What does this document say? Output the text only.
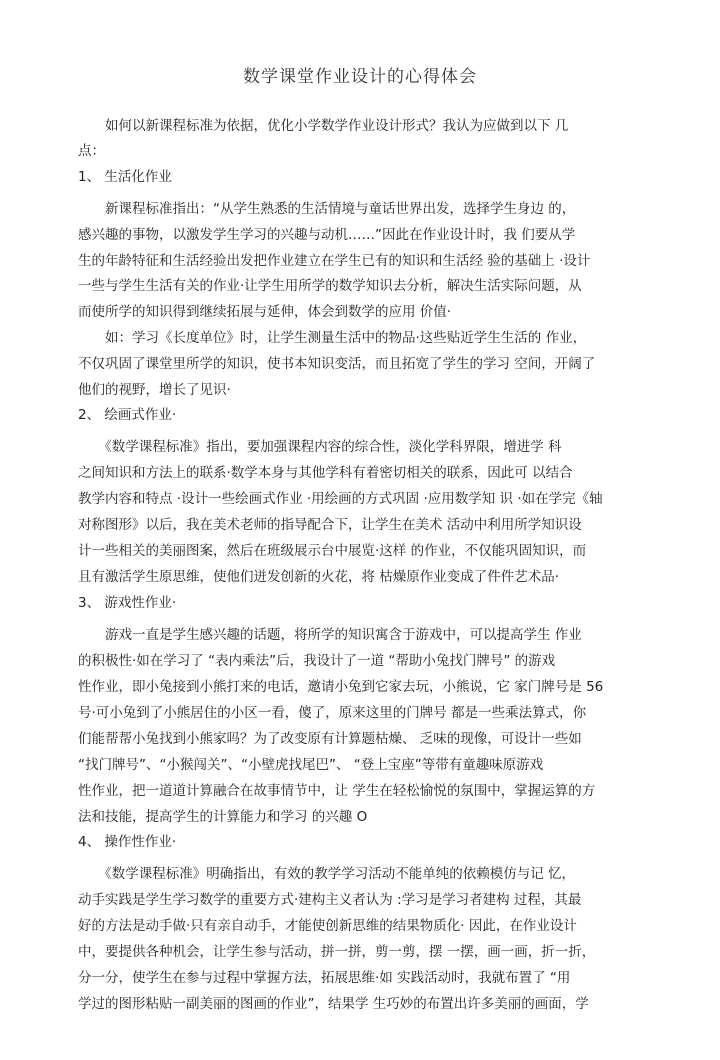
数学课堂作业设计的心得体会
　　如何以新课程标准为依据，优化小学数学作业设计形式？我认为应做到以下 几
点：
1、 生活化作业
　　新课程标准指出：“从学生熟悉的生活情境与童话世界出发，选择学生身边 的，
感兴趣的事物，以激发学生学习的兴趣与动机……”因此在作业设计时，我 们要从学
生的年龄特征和生活经验出发把作业建立在学生已有的知识和生活经 验的基础上 ·设计
一些与学生生活有关的作业·让学生用所学的数学知识去分析，解决生活实际问题，从
而使所学的知识得到继续拓展与延伸，体会到数学的应用 价值·
　　如：学习《长度单位》时，让学生测量生活中的物品·这些贴近学生生活的 作业，
不仅巩固了课堂里所学的知识，使书本知识变活，而且拓宽了学生的学习 空间，开阔了
他们的视野，增长了见识·
2、 绘画式作业·
　　《数学课程标准》指出，要加强课程内容的综合性，淡化学科界限，增进学 科
之间知识和方法上的联系·数学本身与其他学科有着密切相关的联系，因此可 以结合
教学内容和特点 ·设计一些绘画式作业 ·用绘画的方式巩固 ·应用数学知 识 ·如在学完《轴
对称图形》以后，我在美术老师的指导配合下，让学生在美术 活动中利用所学知识设
计一些相关的美丽图案，然后在班级展示台中展览·这样 的作业，不仅能巩固知识，而
且有激活学生原思维，使他们迸发创新的火花，将 枯燥原作业变成了件件艺术品·
3、 游戏性作业·
　　游戏一直是学生感兴趣的话题，将所学的知识寓含于游戏中，可以提高学生 作业
的积极性·如在学习了 “表内乘法”后，我设计了一道 “帮助小兔找门牌号” 的游戏
性作业，即小兔接到小熊打来的电话，邀请小兔到它家去玩，小熊说，它 家门牌号是 56
号·可小兔到了小熊居住的小区一看，傻了，原来这里的门牌号 都是一些乘法算式，你
们能帮帮小兔找到小熊家吗？为了改变原有计算题枯燥、 乏味的现像，可设计一些如
“找门牌号”、“小猴闯关”、“小壁虎找尾巴”、 “登上宝座”等带有童趣味原游戏
性作业，把一道道计算融合在故事情节中，让 学生在轻松愉悦的氛围中，掌握运算的方
法和技能，提高学生的计算能力和学习 的兴趣 O
4、 操作性作业·
　　《数学课程标准》明确指出，有效的教学学习活动不能单纯的依赖模仿与记 忆，
动手实践是学生学习数学的重要方式·建构主义者认为 :学习是学习者建构 过程，其最
好的方法是动手做·只有亲自动手，才能使创新思维的结果物质化· 因此，在作业设计
中，要提供各种机会，让学生参与活动，拼一拼，剪一剪，摆 一摆，画一画，折一折，
分一分，使学生在参与过程中掌握方法，拓展思维·如 实践活动时，我就布置了 “用
学过的图形粘贴一副美丽的图画的作业”，结果学 生巧妙的布置出许多美丽的画面，学
